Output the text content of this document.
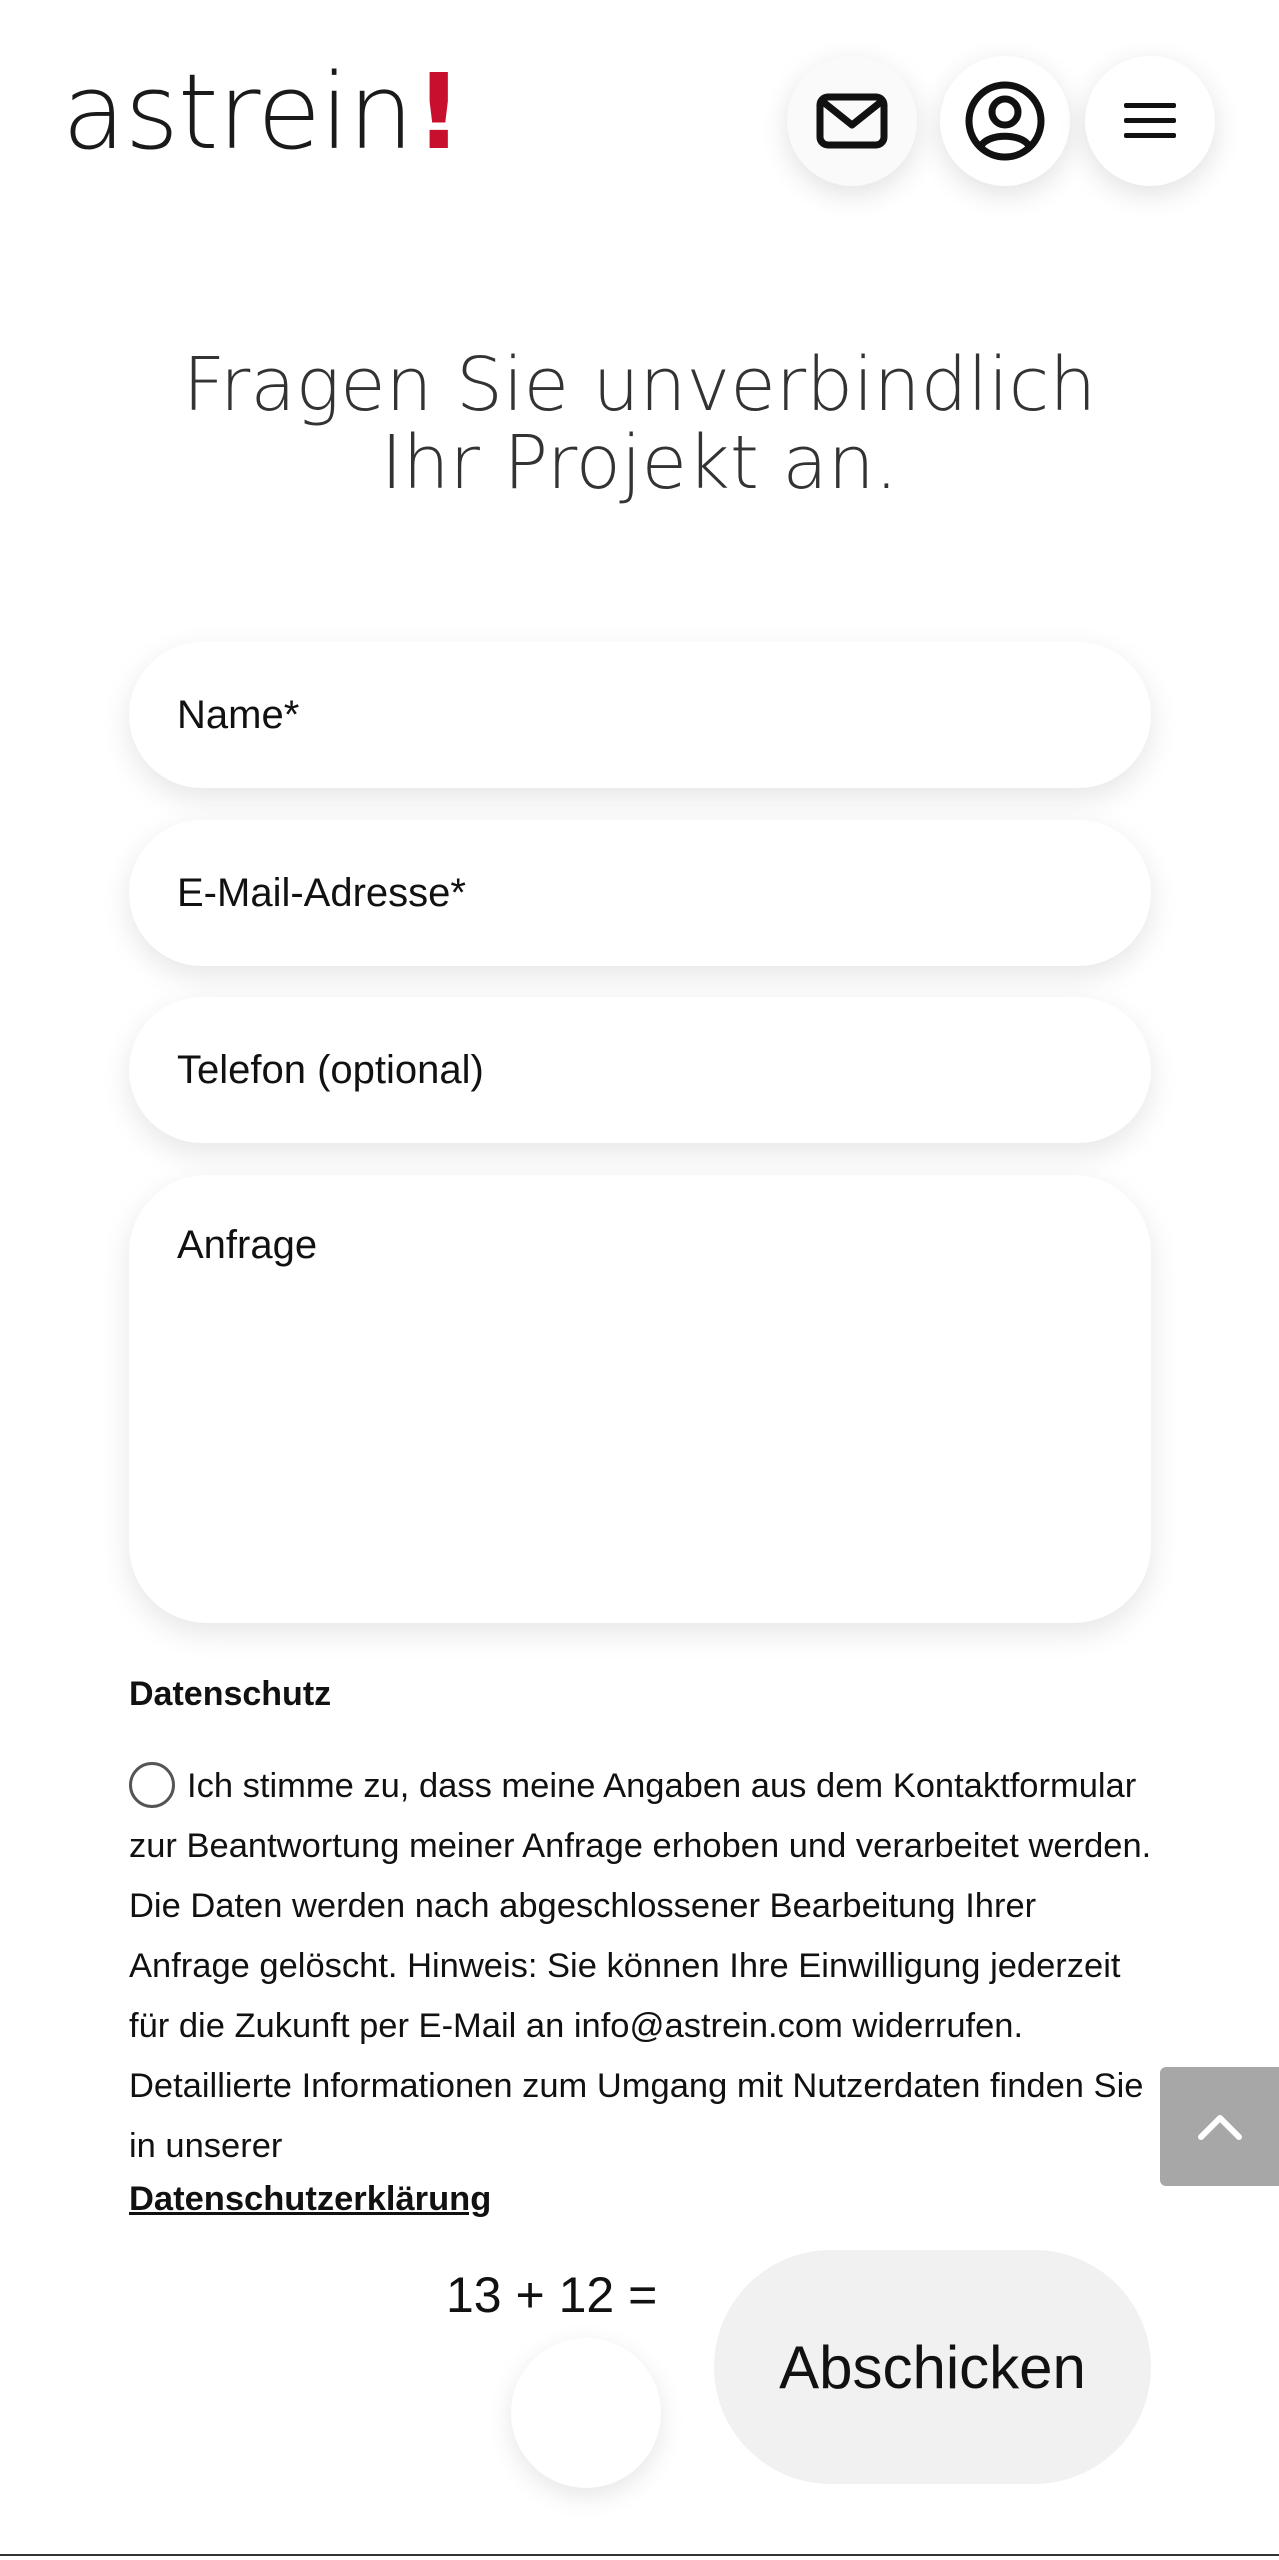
astrein!
Fragen Sie unverbindlich
Ihr Projekt an.
Name*
E-Mail-Adresse*
Telefon (optional)
Anfrage
Datenschutz
Ich stimme zu, dass meine Angaben aus dem Kontaktformular zur Beantwortung meiner Anfrage erhoben und verarbeitet werden. Die Daten werden nach abgeschlossener Bearbeitung Ihrer Anfrage gelöscht. Hinweis: Sie können Ihre Einwilligung jederzeit für die Zukunft per E-Mail an info@astrein.com widerrufen. Detaillierte Informationen zum Umgang mit Nutzerdaten finden Sie in unserer
Datenschutzerklärung
13 + 12 =
Abschicken
